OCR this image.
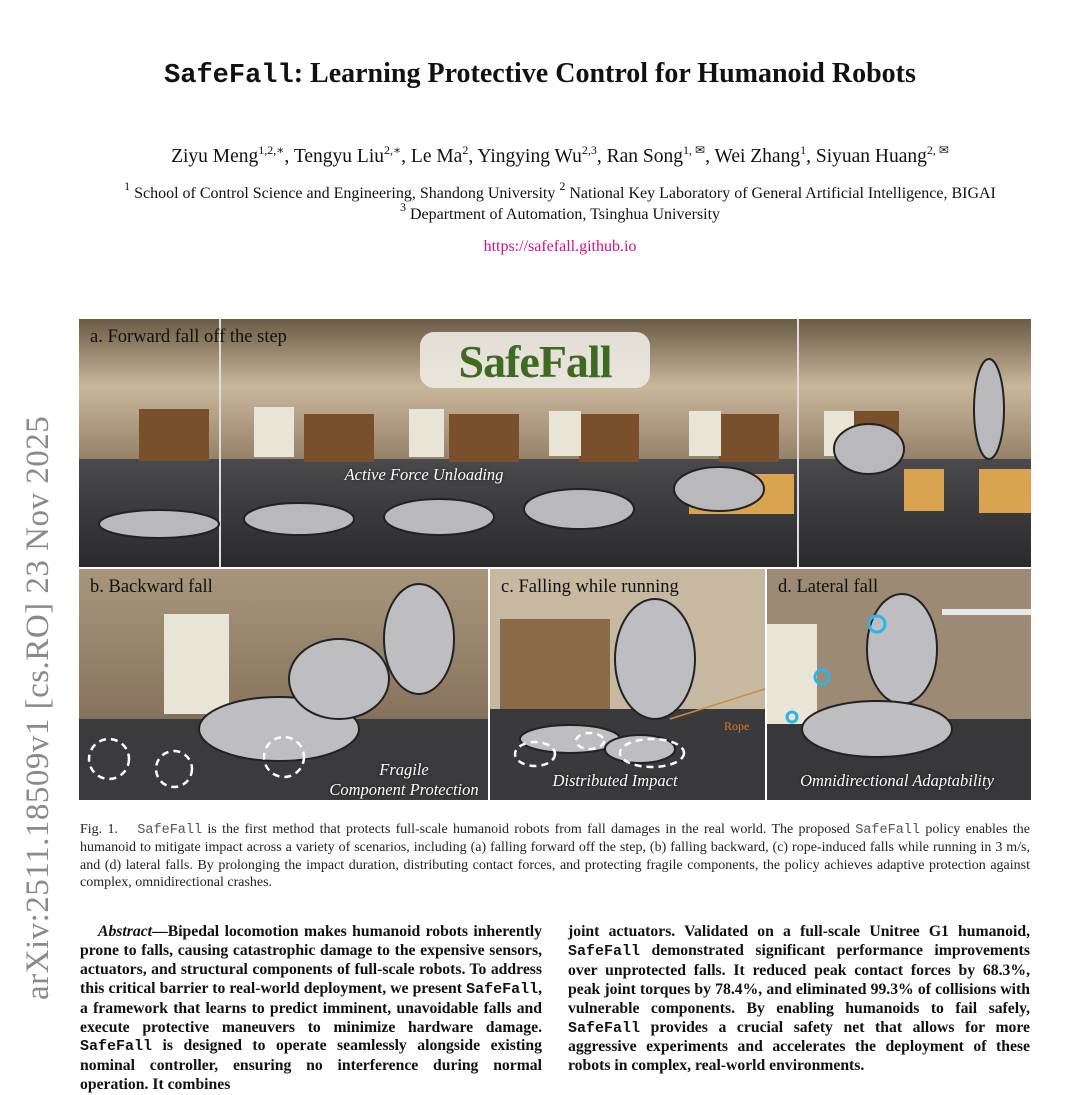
arXiv:2511.18509v1 [cs.RO] 23 Nov 2025
SafeFall: Learning Protective Control for Humanoid Robots
Ziyu Meng$^{1,2,∗}$, Tengyu Liu$^{2,∗}$, Le Ma$^2$, Yingying Wu$^{2,3}$, Ran Song$^{1, ✉}$, Wei Zhang$^1$, Siyuan Huang$^{2, ✉}$
$^1$ School of Control Science and Engineering, Shandong University $^2$ National Key Laboratory of General Artificial Intelligence, BIGAI
$^3$ Department of Automation, Tsinghua University
https://safefall.github.io
a. Forward fall off the step
Active Force Unloading
SafeFall
b. Backward fall
Fragile
Component Protection
c. Falling while running
Rope
Distributed Impact
d. Lateral fall
Omnidirectional Adaptability
Fig. 1. SafeFall is the first method that protects full-scale humanoid robots from fall damages in the real world. The proposed SafeFall policy enables the humanoid to mitigate impact across a variety of scenarios, including (a) falling forward off the step, (b) falling backward, (c) rope-induced falls while running in 3 m/s, and (d) lateral falls. By prolonging the impact duration, distributing contact forces, and protecting fragile components, the policy achieves adaptive protection against complex, omnidirectional crashes.
Abstract—Bipedal locomotion makes humanoid robots inherently prone to falls, causing catastrophic damage to the expensive sensors, actuators, and structural components of full-scale robots. To address this critical barrier to real-world deployment, we present SafeFall, a framework that learns to predict imminent, unavoidable falls and execute protective maneuvers to minimize hardware damage. SafeFall is designed to operate seamlessly alongside existing nominal controller, ensuring no interference during normal operation. It combines
joint actuators. Validated on a full-scale Unitree G1 humanoid, SafeFall demonstrated significant performance improvements over unprotected falls. It reduced peak contact forces by 68.3%, peak joint torques by 78.4%, and eliminated 99.3% of collisions with vulnerable components. By enabling humanoids to fail safely, SafeFall provides a crucial safety net that allows for more aggressive experiments and accelerates the deployment of these robots in complex, real-world environments.
